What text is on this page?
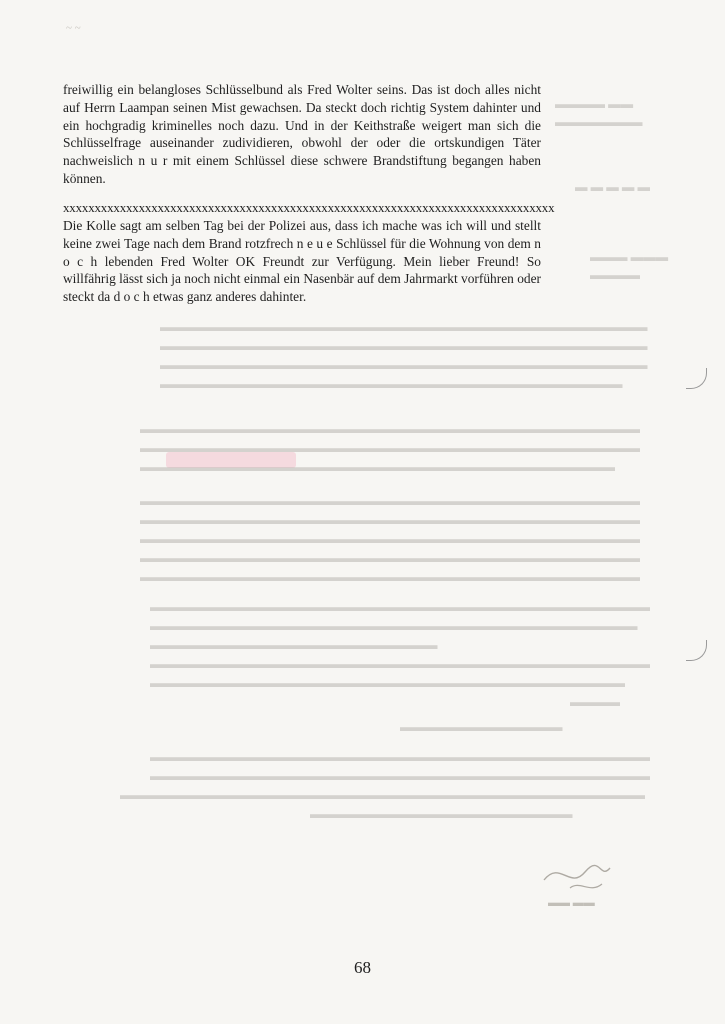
~ ~
▬▬▬▬ ▬▬
▬▬▬▬▬▬▬
▬ ▬ ▬ ▬ ▬
▬▬▬ ▬▬▬
▬▬▬▬
▬▬▬▬▬▬▬▬▬▬▬▬▬▬▬▬▬▬▬▬▬▬▬▬▬▬▬▬▬▬▬▬▬▬▬▬▬▬▬
▬▬▬▬▬▬▬▬▬▬▬▬▬▬▬▬▬▬▬▬▬▬▬▬▬▬▬▬▬▬▬▬▬▬▬▬▬▬▬
▬▬▬▬▬▬▬▬▬▬▬▬▬▬▬▬▬▬▬▬▬▬▬▬▬▬▬▬▬▬▬▬▬▬▬▬▬▬▬
▬▬▬▬▬▬▬▬▬▬▬▬▬▬▬▬▬▬▬▬▬▬▬▬▬▬▬▬▬▬▬▬▬▬▬▬▬
▬▬▬▬▬▬▬▬▬▬▬▬▬▬▬▬▬▬▬▬▬▬▬▬▬▬▬▬▬▬▬▬▬▬▬▬▬▬▬▬
▬▬▬▬▬▬▬▬▬▬▬▬▬▬▬▬▬▬▬▬▬▬▬▬▬▬▬▬▬▬▬▬▬▬▬▬▬▬▬▬
▬▬▬▬▬▬▬▬▬▬▬▬▬▬▬▬▬▬▬▬▬▬▬▬▬▬▬▬▬▬▬▬▬▬▬▬▬▬
▬▬▬▬▬▬▬▬▬▬▬▬▬▬▬▬▬▬▬▬▬▬▬▬▬▬▬▬▬▬▬▬▬▬▬▬▬▬▬▬
▬▬▬▬▬▬▬▬▬▬▬▬▬▬▬▬▬▬▬▬▬▬▬▬▬▬▬▬▬▬▬▬▬▬▬▬▬▬▬▬
▬▬▬▬▬▬▬▬▬▬▬▬▬▬▬▬▬▬▬▬▬▬▬▬▬▬▬▬▬▬▬▬▬▬▬▬▬▬▬▬
▬▬▬▬▬▬▬▬▬▬▬▬▬▬▬▬▬▬▬▬▬▬▬▬▬▬▬▬▬▬▬▬▬▬▬▬▬▬▬▬
▬▬▬▬▬▬▬▬▬▬▬▬▬▬▬▬▬▬▬▬▬▬▬▬▬▬▬▬▬▬▬▬▬▬▬▬▬▬▬▬
▬▬▬▬▬▬▬▬▬▬▬▬▬▬▬▬▬▬▬▬▬▬▬▬▬▬▬▬▬▬▬▬▬▬▬▬▬▬▬▬
▬▬▬▬▬▬▬▬▬▬▬▬▬▬▬▬▬▬▬▬▬▬▬▬▬▬▬▬▬▬▬▬▬▬▬▬▬▬▬
▬▬▬▬▬▬▬▬▬▬▬▬▬▬▬▬▬▬▬▬▬▬▬
▬▬▬▬▬▬▬▬▬▬▬▬▬▬▬▬▬▬▬▬▬▬▬▬▬▬▬▬▬▬▬▬▬▬▬▬▬▬▬▬
▬▬▬▬▬▬▬▬▬▬▬▬▬▬▬▬▬▬▬▬▬▬▬▬▬▬▬▬▬▬▬▬▬▬▬▬▬▬
▬▬▬▬
▬▬▬▬▬▬▬▬▬▬▬▬▬
▬▬▬▬▬▬▬▬▬▬▬▬▬▬▬▬▬▬▬▬▬▬▬▬▬▬▬▬▬▬▬▬▬▬▬▬▬▬▬▬
▬▬▬▬▬▬▬▬▬▬▬▬▬▬▬▬▬▬▬▬▬▬▬▬▬▬▬▬▬▬▬▬▬▬▬▬▬▬▬▬
▬▬▬▬▬▬▬▬▬▬▬▬▬▬▬▬▬▬▬▬▬▬▬▬▬▬▬▬▬▬▬▬▬▬▬▬▬▬▬▬▬▬
▬▬▬▬▬▬▬▬▬▬▬▬▬▬▬▬▬▬▬▬▬
▬▬ ▬▬

freiwillig ein belangloses Schlüsselbund als Fred Wolter seins. Das ist doch alles nicht auf Herrn Laampan seinen Mist gewachsen. Da steckt doch richtig System dahinter und ein hochgradig kriminelles noch dazu. Und in der Keithstraße weigert man sich die Schlüsselfrage auseinander zudividieren, obwohl der oder die ortskundigen Täter nachweislich n u r mit einem Schlüssel diese schwere Brandstiftung begangen haben können.

xxxxxxxxxxxxxxxxxxxxxxxxxxxxxxxxxxxxxxxxxxxxxxxxxxxxxxxxxxxxxxxxxxxxxxxxxxxxxx

Die Kolle sagt am selben Tag bei der Polizei aus, dass ich mache was ich will und stellt keine zwei Tage nach dem Brand rotzfrech n e u e Schlüssel für die Wohnung von dem n o c h lebenden Fred Wolter OK Freundt zur Verfügung. Mein lieber Freund! So willfährig lässt sich ja noch nicht einmal ein Nasenbär auf dem Jahrmarkt vorführen oder steckt da d o c h etwas ganz anderes dahinter.

68
